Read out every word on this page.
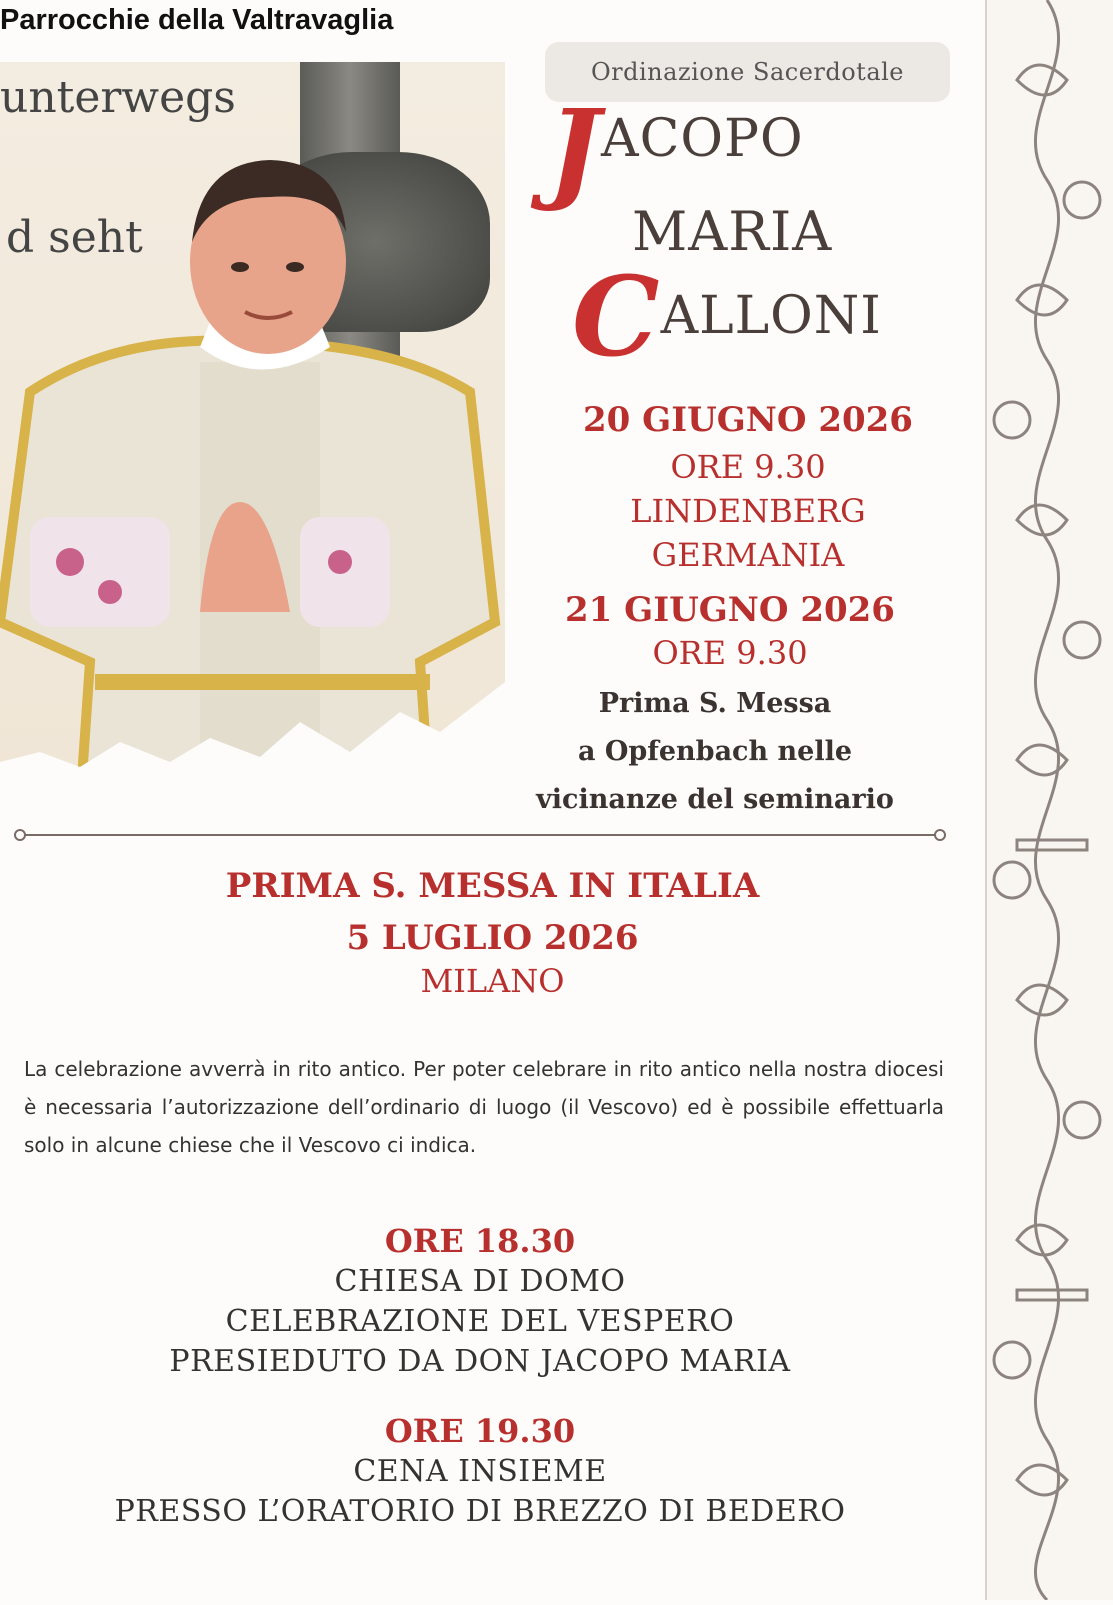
Parrocchie della Valtravaglia
unterwegs
d seht
Ordinazione Sacerdotale
JACOPO
MARIA
CALLONI
20 GIUGNO 2026
ORE 9.30
LINDENBERG
GERMANIA
21 GIUGNO 2026
ORE 9.30
Prima S. Messa
a Opfenbach nelle
vicinanze del seminario
PRIMA S. MESSA IN ITALIA
5 LUGLIO 2026
MILANO
La celebrazione avverrà in rito antico. Per poter celebrare in rito antico nella nostra diocesi è necessaria l’autorizzazione dell’ordinario di luogo (il Vescovo) ed è possibile effettuarla solo in alcune chiese che il Vescovo ci indica.
ORE 18.30
CHIESA DI DOMO
CELEBRAZIONE DEL VESPERO
PRESIEDUTO DA DON JACOPO MARIA
ORE 19.30
CENA INSIEME
PRESSO L’ORATORIO DI BREZZO DI BEDERO
